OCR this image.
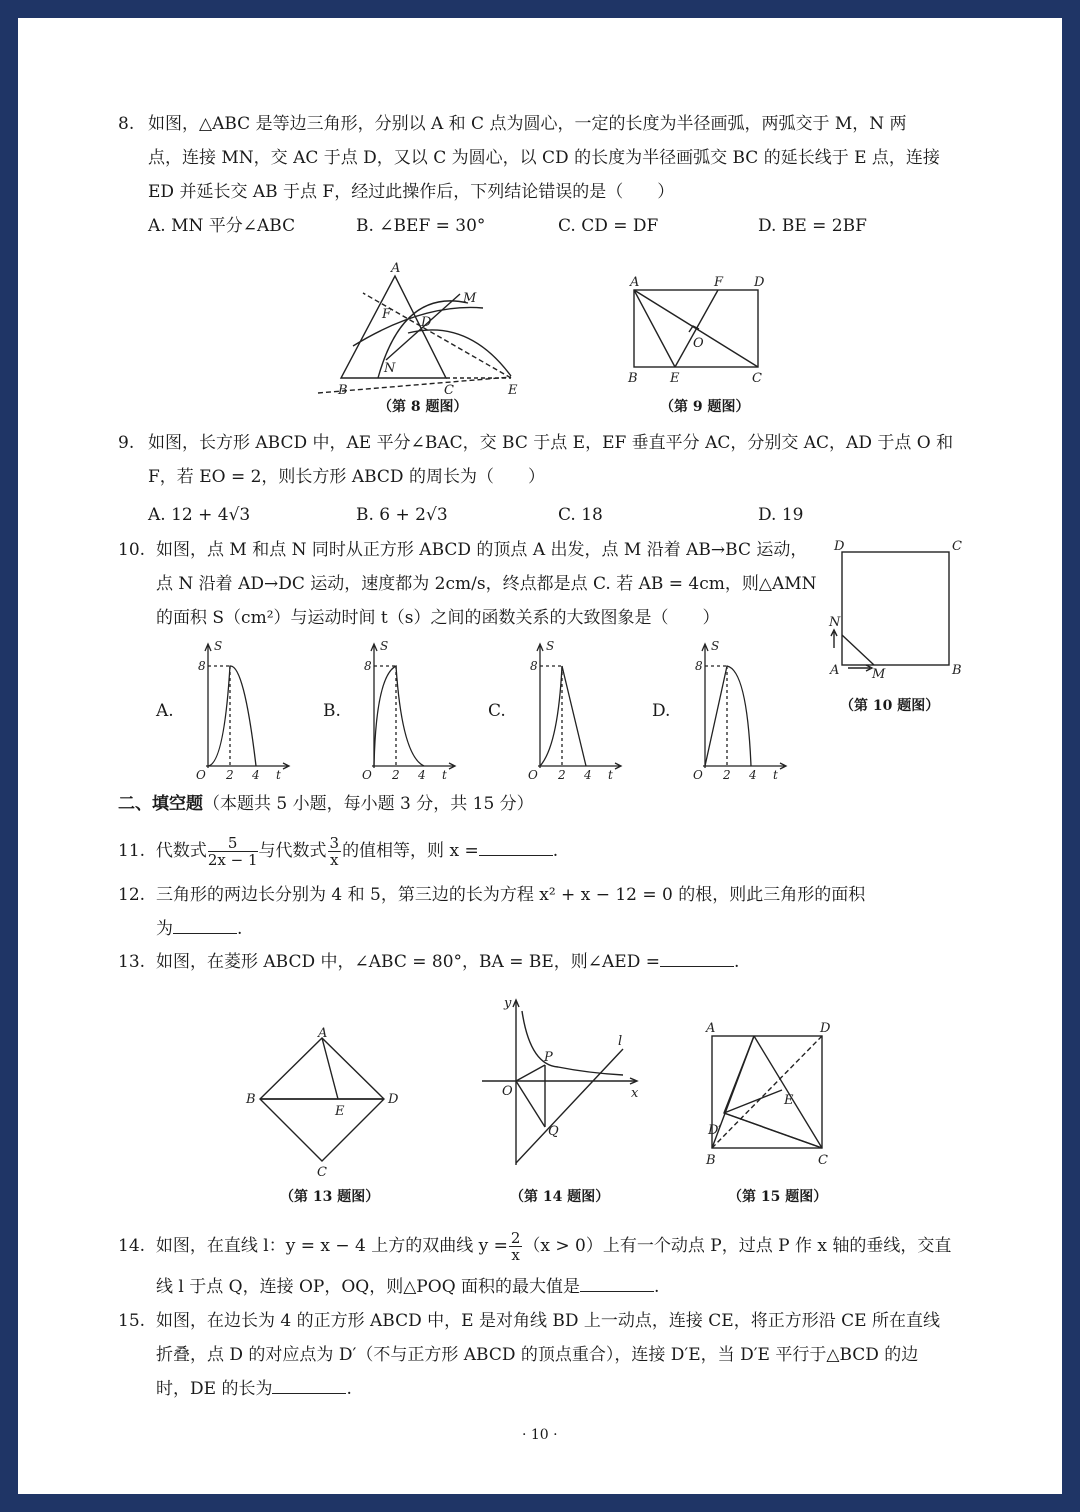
8. 如图，△ABC 是等边三角形，分别以 A 和 C 点为圆心，一定的长度为半径画弧，两弧交于 M，N 两
点，连接 MN，交 AC 于点 D，又以 C 为圆心，以 CD 的长度为半径画弧交 BC 的延长线于 E 点，连接
ED 并延长交 AB 于点 F，经过此操作后，下列结论错误的是（　　）
A. MN 平分∠ABC	B. ∠BEF = 30°	C. CD = DF	D. BE = 2BF
A
B	C
D
E
F
M
N
（第 8 题图）
A	F D
B E	C
O
（第 9 题图）
9. 如图，长方形 ABCD 中，AE 平分∠BAC，交 BC 于点 E，EF 垂直平分 AC，分别交 AC，AD 于点 O 和
F，若 EO = 2，则长方形 ABCD 的周长为（　　）
A. 12 + 4√3	B. 6 + 2√3	C. 18	D. 19
10. 如图，点 M 和点 N 同时从正方形 ABCD 的顶点 A 出发，点 M 沿着 AB→BC 运动，
点 N 沿着 AD→DC 运动，速度都为 2cm/s，终点都是点 C. 若 AB = 4cm，则△AMN
的面积 S（cm²）与运动时间 t（s）之间的函数关系的大致图象是（　　）
D	C
N
A	M	B
（第 10 题图）
A.	B.	C.	D.
S
8
O 2 4 t
S
8
O 2 4 t
S
8
O 2 4 t
S
8
O 2 4 t
二、填空题（本题共 5 小题，每小题 3 分，共 15 分）
11. 代数式 $\frac{5}{2x - 1}$ 与代数式 $\frac{3}{x}$ 的值相等，则 x =	.
12. 三角形的两边长分别为 4 和 5，第三边的长为方程 x² + x − 12 = 0 的根，则此三角形的面积
为	.
13. 如图，在菱形 ABCD 中，∠ABC = 80°，BA = BE，则∠AED =	.
A
B	D
E
C
（第 13 题图）
y
x
O
P
Q
l
（第 14 题图）
A	D
E
D′
B	C
（第 15 题图）
14. 如图，在直线 l：y = x − 4 上方的双曲线 $y = \frac{2}{x} (x > 0)$上有一个动点 P，过点 P 作 x 轴的垂线，交直
线 l 于点 Q，连接 OP，OQ，则△POQ 面积的最大值是	.
15. 如图，在边长为 4 的正方形 ABCD 中，E 是对角线 BD 上一动点，连接 CE，将正方形沿 CE 所在直线
折叠，点 D 的对应点为 D′（不与正方形 ABCD 的顶点重合），连接 D′E，当 D′E 平行于△BCD 的边
时，DE 的长为	.
· 10 ·
